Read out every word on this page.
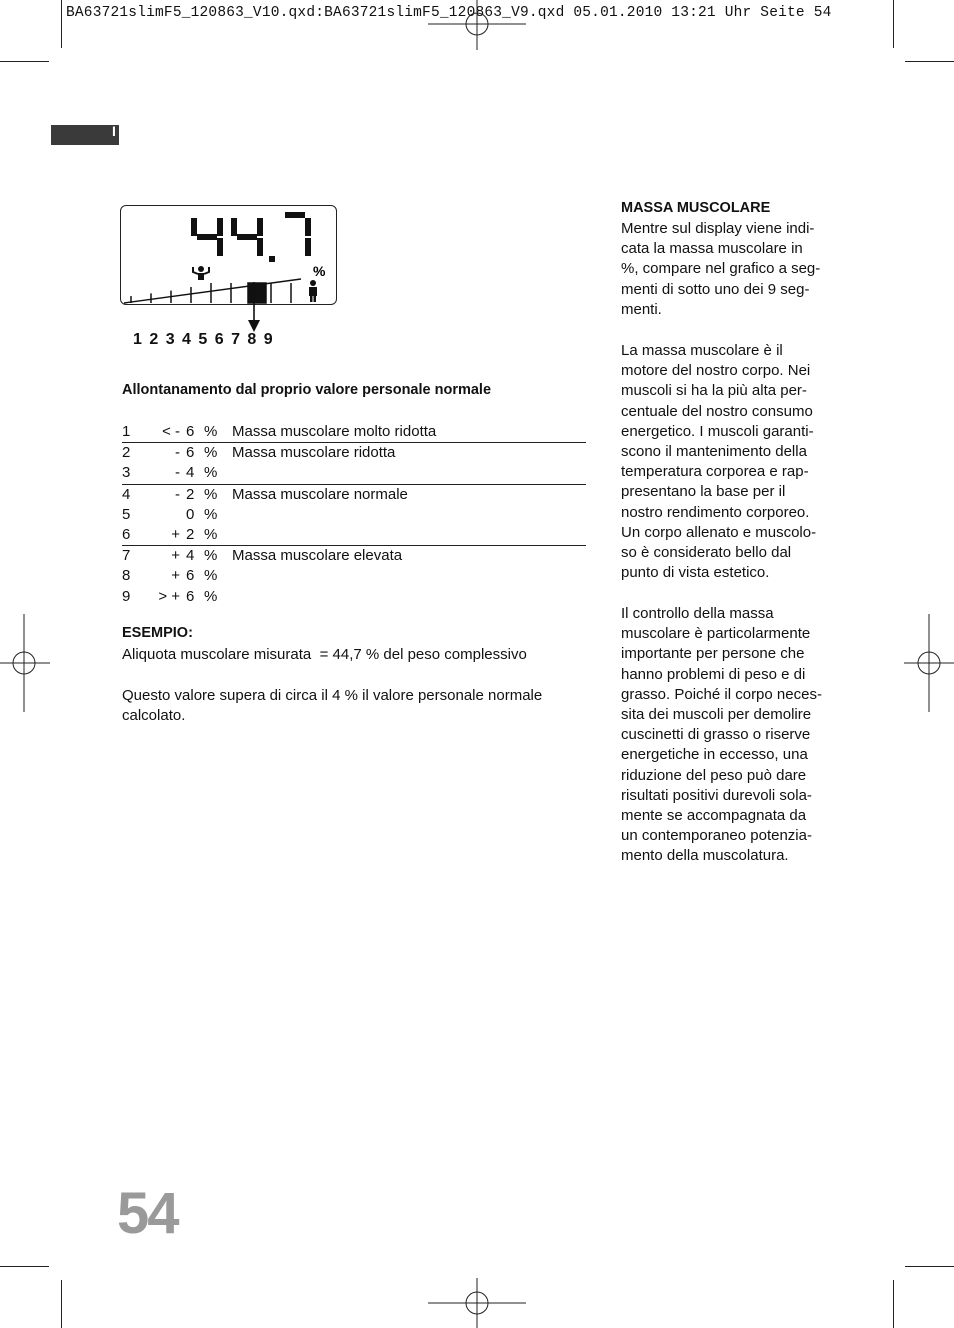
BA63721slimF5_120863_V10.qxd:BA63721slimF5_120863_V9.qxd 05.01.2010 13:21 Uhr Seite 54
I
%
1 2 3 4 5 6 7 8 9
Allontanamento dal proprio valore personale normale
1	< -	6	%	Massa muscolare molto ridotta
2	-	6	%	Massa muscolare ridotta
3	-	4	%	
4	-	2	%	Massa muscolare normale
5		0	%	
6	+	2	%	
7	+	4	%	Massa muscolare elevata
8	+	6	%	
9	> +	6	%	
ESEMPIO:
Aliquota muscolare misurata  = 44,7 % del peso complessivo
Questo valore supera di circa il 4 % il valore personale normale calcolato.
MASSA MUSCOLARE
Mentre sul display viene indi-
cata la massa muscolare in
%, compare nel grafico a seg-
menti di sotto uno dei 9 seg-
menti.
La massa muscolare è il
motore del nostro corpo. Nei
muscoli si ha la più alta per-
centuale del nostro consumo
energetico. I muscoli garanti-
scono il mantenimento della
temperatura corporea e rap-
presentano la base per il
nostro rendimento corporeo.
Un corpo allenato e muscolo-
so è considerato bello dal
punto di vista estetico.
Il controllo della massa
muscolare è particolarmente
importante per persone che
hanno problemi di peso e di
grasso. Poiché il corpo neces-
sita dei muscoli per demolire
cuscinetti di grasso o riserve
energetiche in eccesso, una
riduzione del peso può dare
risultati positivi durevoli sola-
mente se accompagnata da
un contemporaneo potenzia-
mento della muscolatura.
54
